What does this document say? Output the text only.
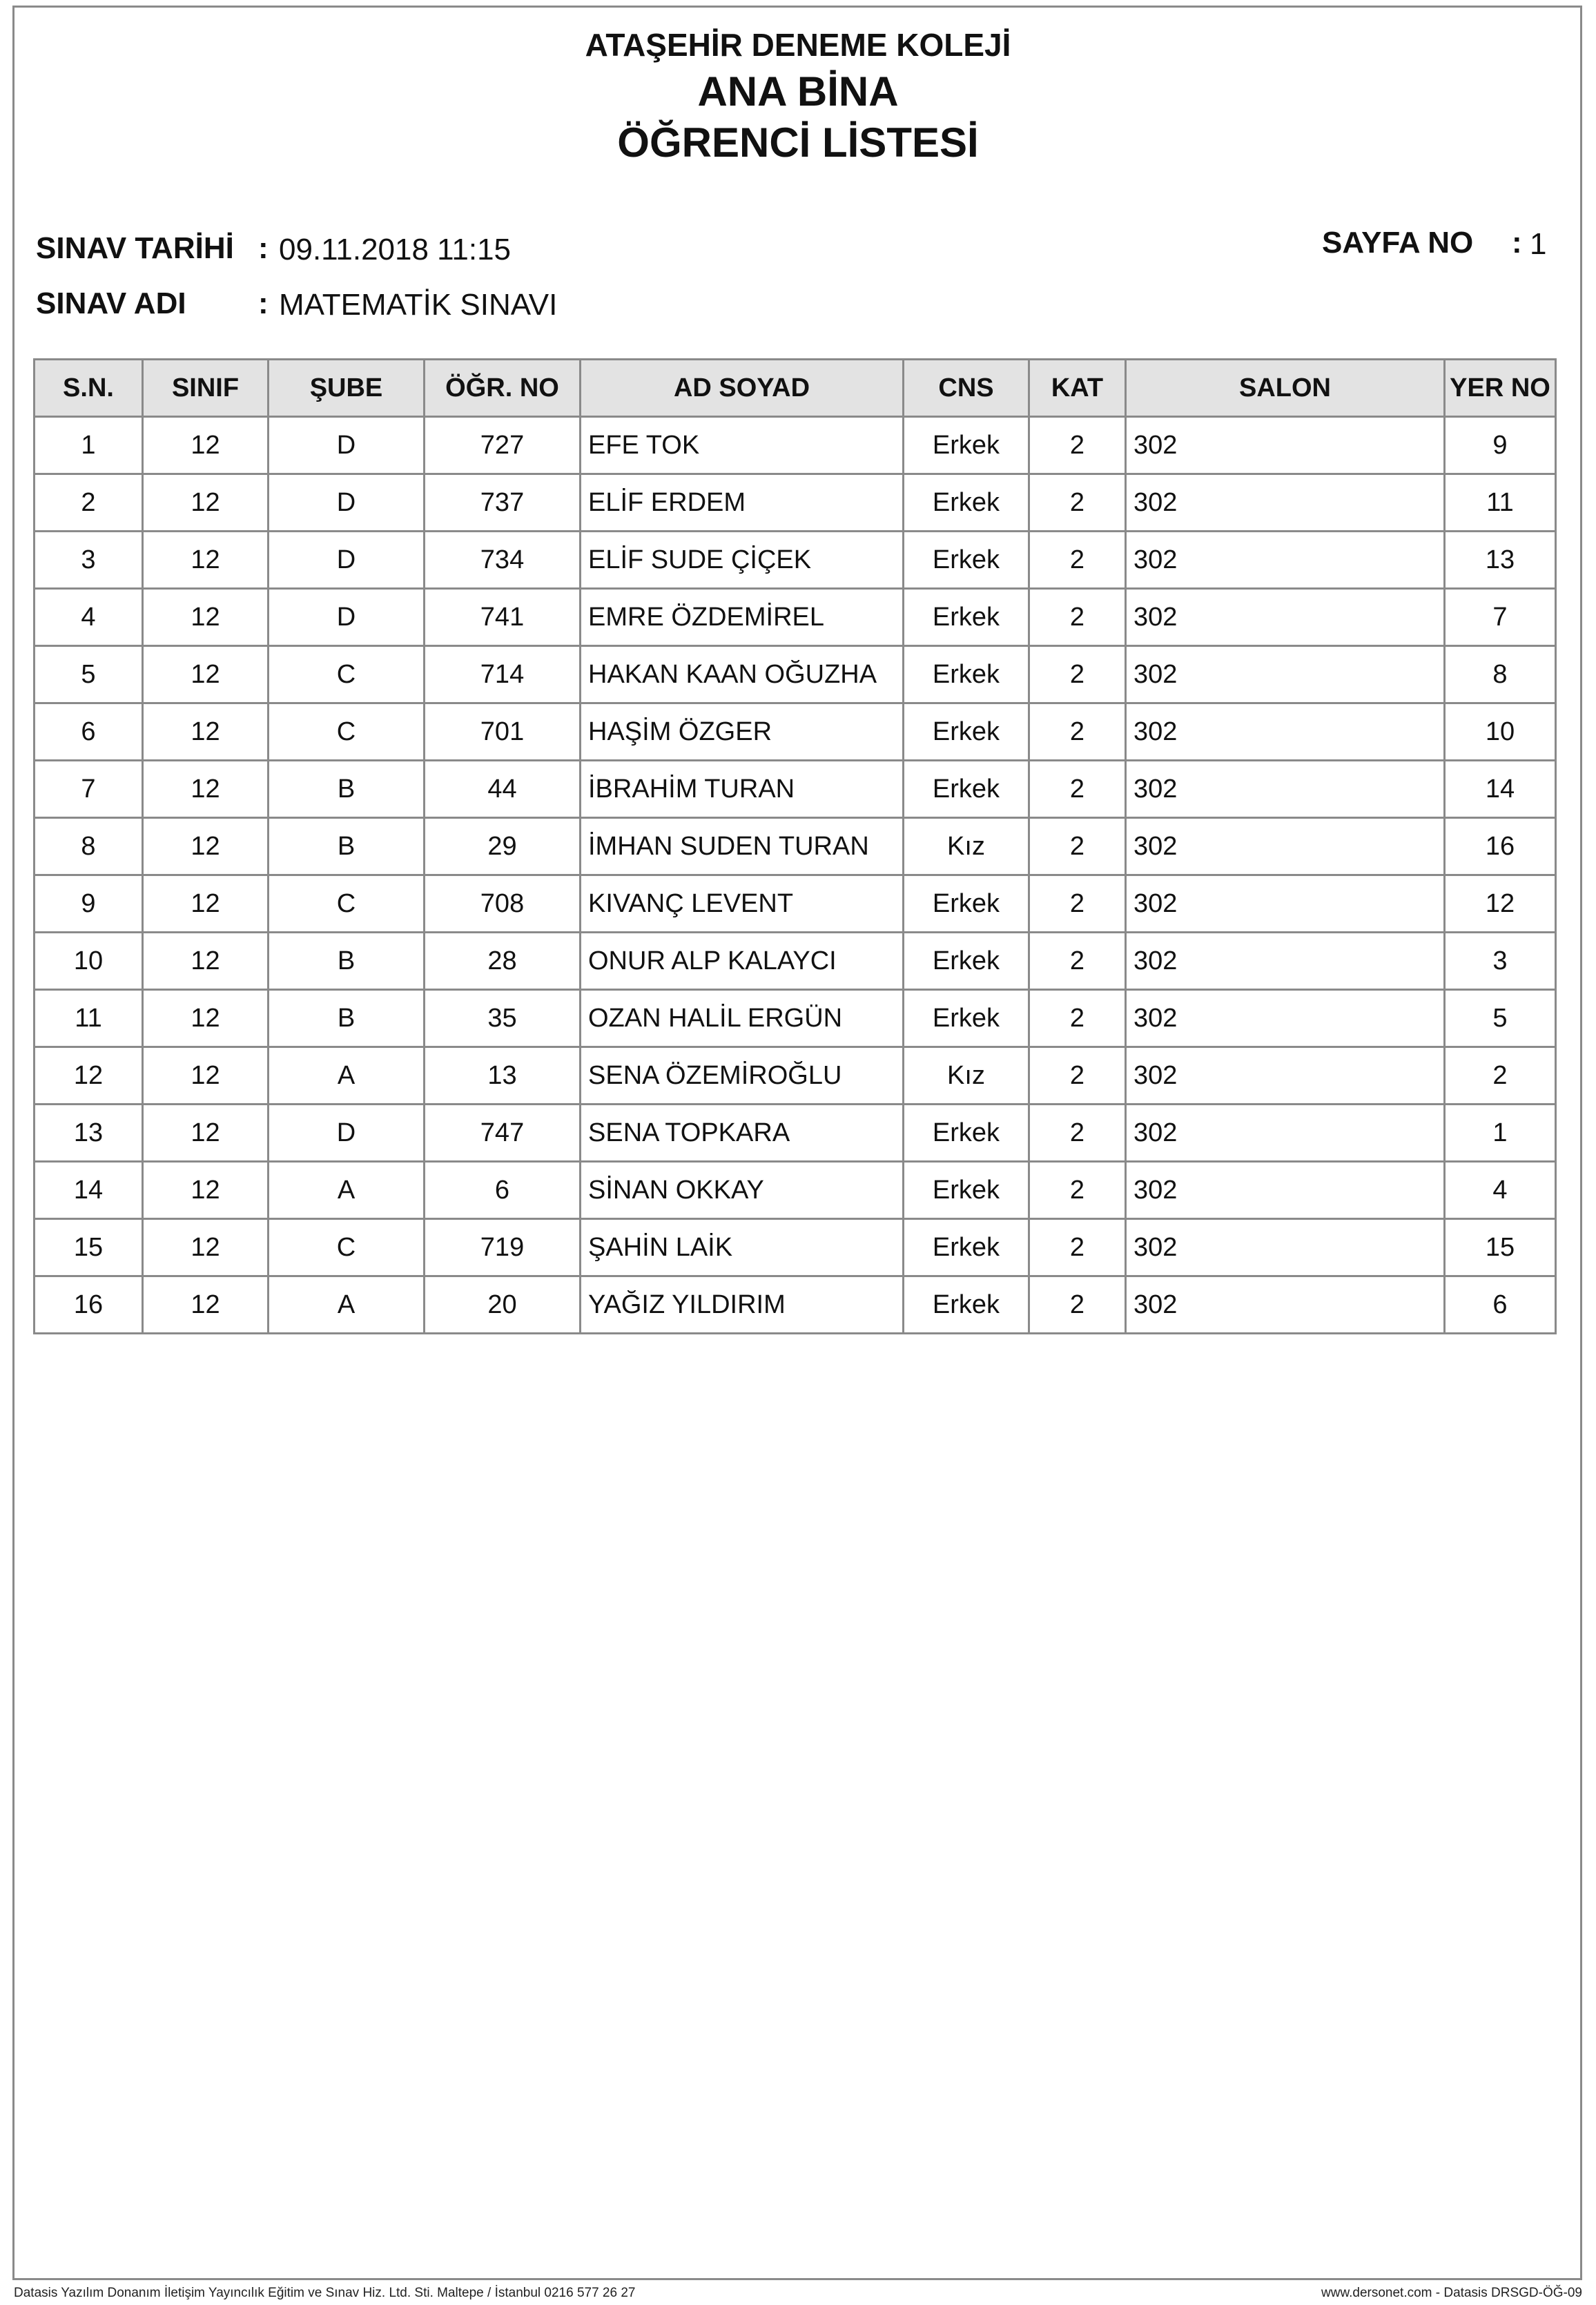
ATAŞEHİR DENEME KOLEJİ
ANA BİNA
ÖĞRENCİ LİSTESİ
SINAV TARİHİ : 09.11.2018 11:15
SINAV ADI : MATEMATİK SINAVI
SAYFA NO : 1
S.N.	SINIF	ŞUBE	ÖĞR. NO	AD SOYAD	CNS	KAT	SALON	YER NO
1	12	D	727	EFE TOK	Erkek	2	302	9
2	12	D	737	ELİF ERDEM	Erkek	2	302	11
3	12	D	734	ELİF SUDE ÇİÇEK	Erkek	2	302	13
4	12	D	741	EMRE ÖZDEMİREL	Erkek	2	302	7
5	12	C	714	HAKAN KAAN OĞUZHA	Erkek	2	302	8
6	12	C	701	HAŞİM ÖZGER	Erkek	2	302	10
7	12	B	44	İBRAHİM TURAN	Erkek	2	302	14
8	12	B	29	İMHAN SUDEN TURAN	Kız	2	302	16
9	12	C	708	KIVANÇ LEVENT	Erkek	2	302	12
10	12	B	28	ONUR ALP KALAYCI	Erkek	2	302	3
11	12	B	35	OZAN HALİL ERGÜN	Erkek	2	302	5
12	12	A	13	SENA ÖZEMİROĞLU	Kız	2	302	2
13	12	D	747	SENA TOPKARA	Erkek	2	302	1
14	12	A	6	SİNAN OKKAY	Erkek	2	302	4
15	12	C	719	ŞAHİN LAİK	Erkek	2	302	15
16	12	A	20	YAĞIZ YILDIRIM	Erkek	2	302	6
Datasis Yazılım Donanım İletişim Yayıncılık Eğitim ve Sınav Hiz. Ltd. Sti. Maltepe / İstanbul 0216 577 26 27	www.dersonet.com - Datasis DRSGD-ÖĞ-09
